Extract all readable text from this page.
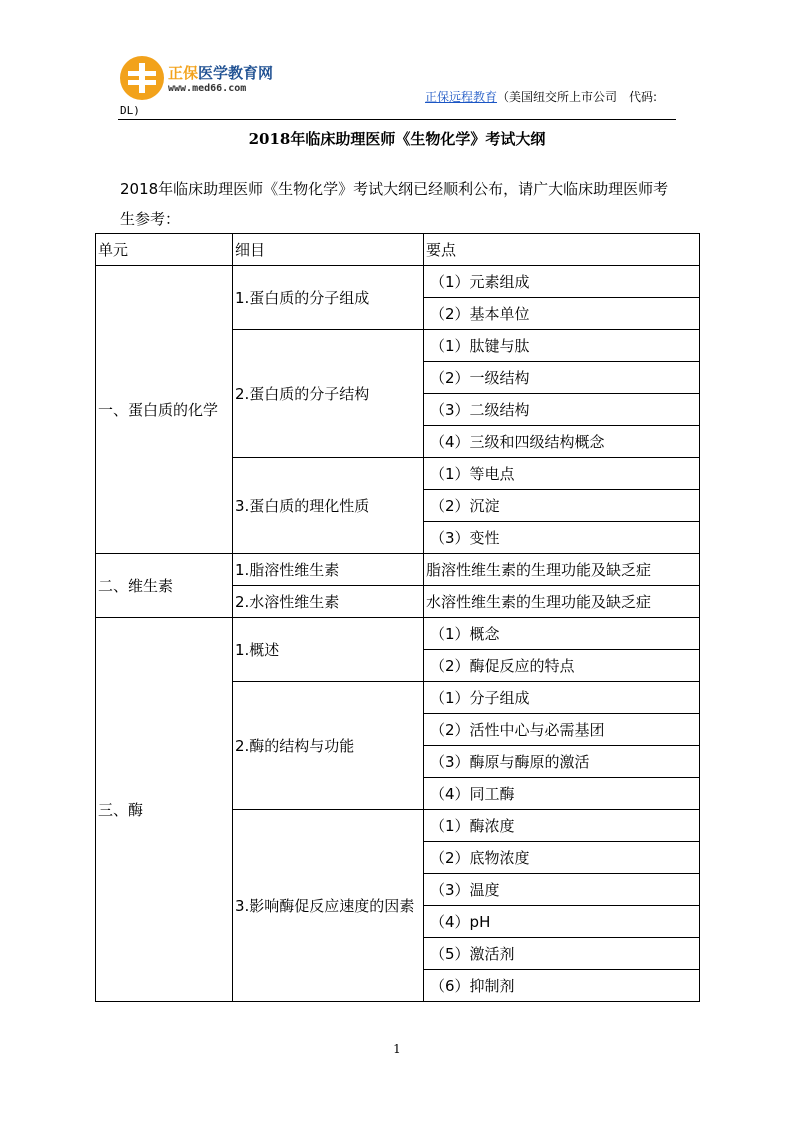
正保医学教育网
www.med66.com
正保远程教育（美国纽交所上市公司　代码:
DL)
2018年临床助理医师《生物化学》考试大纲
2018年临床助理医师《生物化学》考试大纲已经顺利公布，请广大临床助理医师考生参考：
单元	细目	要点
一、蛋白质的化学	1.蛋白质的分子组成	（1）元素组成
		（2）基本单位
	2.蛋白质的分子结构	（1）肽键与肽
		（2）一级结构
		（3）二级结构
		（4）三级和四级结构概念
	3.蛋白质的理化性质	（1）等电点
		（2）沉淀
		（3）变性
二、维生素	1.脂溶性维生素	脂溶性维生素的生理功能及缺乏症
	2.水溶性维生素	水溶性维生素的生理功能及缺乏症
三、酶	1.概述	（1）概念
		（2）酶促反应的特点
	2.酶的结构与功能	（1）分子组成
		（2）活性中心与必需基团
		（3）酶原与酶原的激活
		（4）同工酶
	3.影响酶促反应速度的因素	（1）酶浓度
		（2）底物浓度
		（3）温度
		（4）pH
		（5）激活剂
		（6）抑制剂
1
